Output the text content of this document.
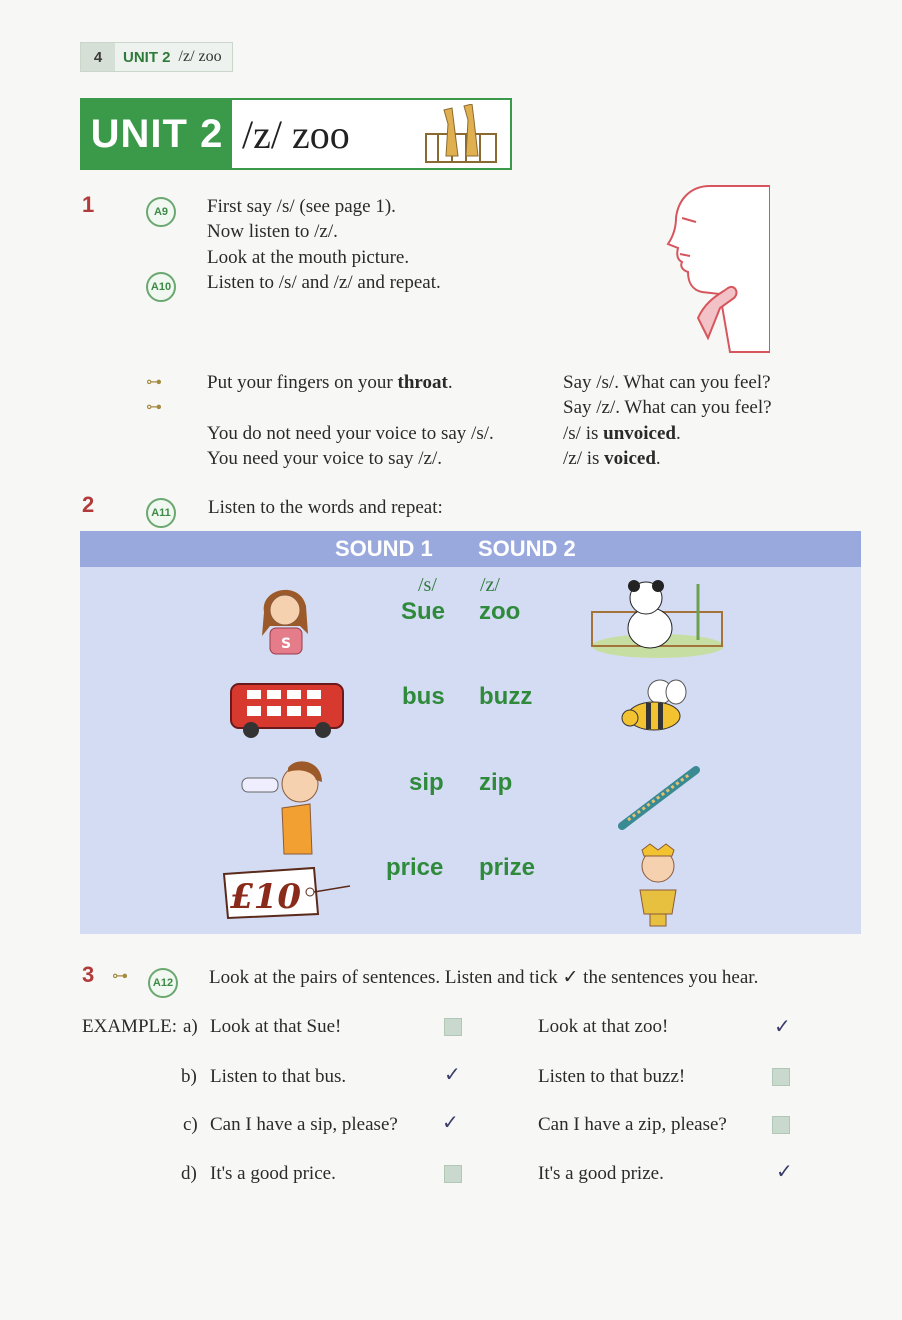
4	UNIT 2 /z/ zoo
UNIT 2 /z/ zoo
1	A9
A10
First say /s/ (see page 1).
Now listen to /z/.
Look at the mouth picture.
Listen to /s/ and /z/ and repeat.
⊶
⊶
Put your fingers on your throat.	Say /s/. What can you feel?
Say /z/. What can you feel?
You do not need your voice to say /s/.	/s/ is unvoiced.
You need your voice to say /z/.	/z/ is voiced.
2	A11 Listen to the words and repeat:
SOUND 1 SOUND 2
/s/ /z/
Sue zoo
bus buzz
sip zip
price prize
S
£10
3 ⊶	A12 Look at the pairs of sentences. Listen and tick ✓ the sentences you hear.
EXAMPLE: a) Look at that Sue!	Look at that zoo!	✓
b) Listen to that bus.	✓	Listen to that buzz!
c) Can I have a sip, please? ✓	Can I have a zip, please?
d) It's a good price.	It's a good prize.	✓
